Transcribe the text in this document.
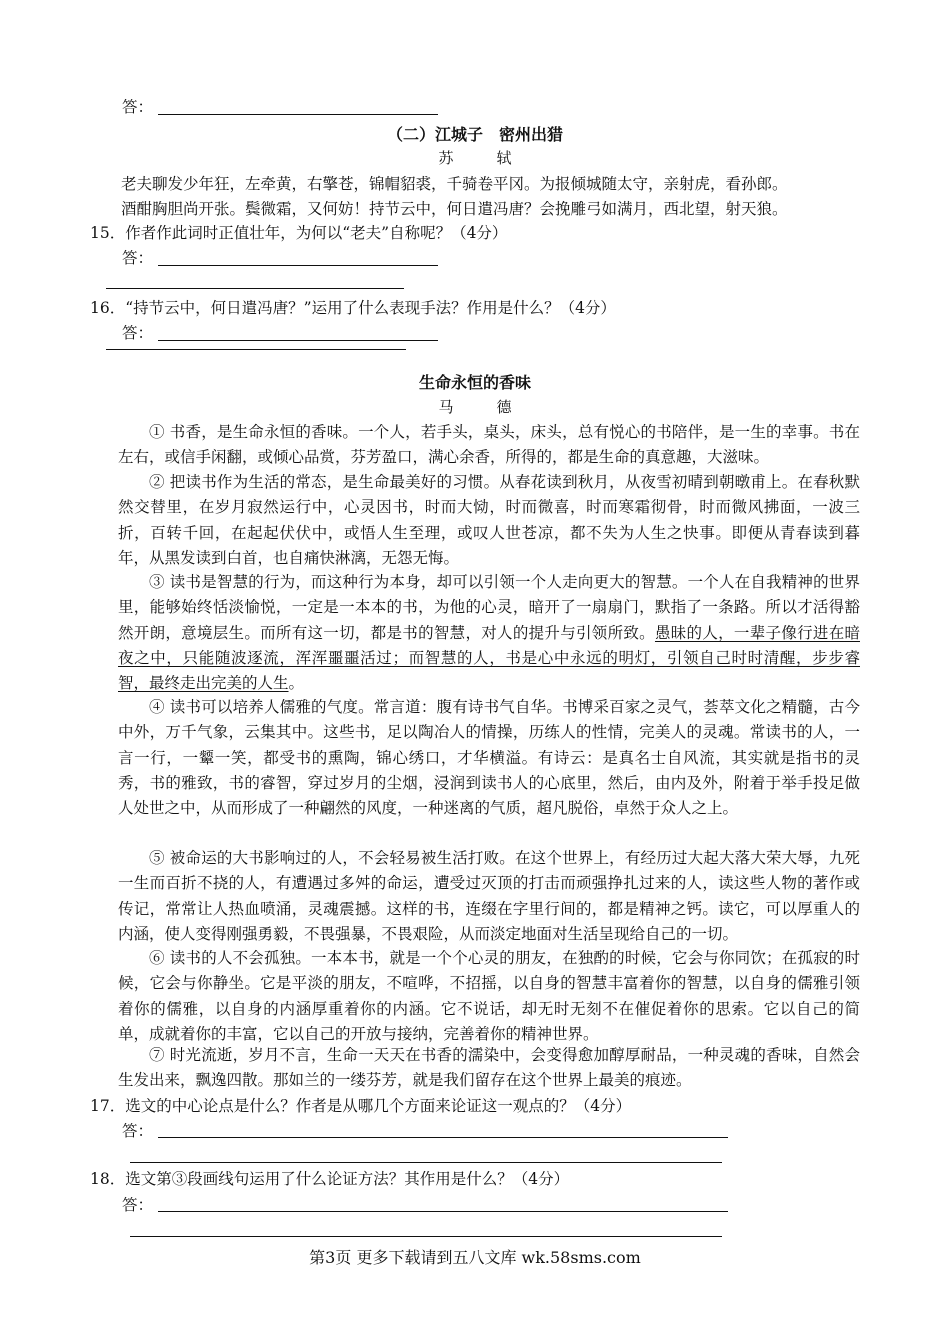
答：
（二）江城子　密州出猎
苏　轼
老夫聊发少年狂，左牵黄，右擎苍，锦帽貂裘，千骑卷平冈。为报倾城随太守，亲射虎，看孙郎。
酒酣胸胆尚开张。鬓微霜，又何妨！持节云中，何日遣冯唐？会挽雕弓如满月，西北望，射天狼。
15．作者作此词时正值壮年，为何以“老夫”自称呢？（4分）
答：
16．“持节云中，何日遣冯唐？”运用了什么表现手法？作用是什么？（4分）
答：
生命永恒的香味
马　德
① 书香，是生命永恒的香味。一个人，若手头，桌头，床头，总有悦心的书陪伴，是一生的幸事。书在左右，或信手闲翻，或倾心品赏，芬芳盈口，满心余香，所得的，都是生命的真意趣，大滋味。
② 把读书作为生活的常态，是生命最美好的习惯。从春花读到秋月，从夜雪初晴到朝暾甫上。在春秋默然交替里，在岁月寂然运行中，心灵因书，时而大恸，时而微喜，时而寒霜彻骨，时而微风拂面，一波三折，百转千回，在起起伏伏中，或悟人生至理，或叹人世苍凉，都不失为人生之快事。即便从青春读到暮年，从黑发读到白首，也自痛快淋漓，无怨无悔。
③ 读书是智慧的行为，而这种行为本身，却可以引领一个人走向更大的智慧。一个人在自我精神的世界里，能够始终恬淡愉悦，一定是一本本的书，为他的心灵，暗开了一扇扇门，默指了一条路。所以才活得豁然开朗，意境层生。而所有这一切，都是书的智慧，对人的提升与引领所致。愚昧的人，一辈子像行进在暗夜之中，只能随波逐流，浑浑噩噩活过；而智慧的人，书是心中永远的明灯，引领自己时时清醒，步步睿智，最终走出完美的人生。
④ 读书可以培养人儒雅的气度。常言道：腹有诗书气自华。书博采百家之灵气，荟萃文化之精髓，古今中外，万千气象，云集其中。这些书，足以陶冶人的情操，历练人的性情，完美人的灵魂。常读书的人，一言一行，一颦一笑，都受书的熏陶，锦心绣口，才华横溢。有诗云：是真名士自风流，其实就是指书的灵秀，书的雅致，书的睿智，穿过岁月的尘烟，浸润到读书人的心底里，然后，由内及外，附着于举手投足做人处世之中，从而形成了一种翩然的风度，一种迷离的气质，超凡脱俗，卓然于众人之上。
⑤ 被命运的大书影响过的人，不会轻易被生活打败。在这个世界上，有经历过大起大落大荣大辱，九死一生而百折不挠的人，有遭遇过多舛的命运，遭受过灭顶的打击而顽强挣扎过来的人，读这些人物的著作或传记，常常让人热血喷涌，灵魂震撼。这样的书，连缀在字里行间的，都是精神之钙。读它，可以厚重人的内涵，使人变得刚强勇毅，不畏强暴，不畏艰险，从而淡定地面对生活呈现给自己的一切。
⑥ 读书的人不会孤独。一本本书，就是一个个心灵的朋友，在独酌的时候，它会与你同饮；在孤寂的时候，它会与你静坐。它是平淡的朋友，不喧哗，不招摇，以自身的智慧丰富着你的智慧，以自身的儒雅引领着你的儒雅，以自身的内涵厚重着你的内涵。它不说话，却无时无刻不在催促着你的思索。它以自己的简单，成就着你的丰富，它以自己的开放与接纳，完善着你的精神世界。
⑦ 时光流逝，岁月不言，生命一天天在书香的濡染中，会变得愈加醇厚耐品，一种灵魂的香味，自然会生发出来，飘逸四散。那如兰的一缕芬芳，就是我们留存在这个世界上最美的痕迹。
17．选文的中心论点是什么？作者是从哪几个方面来论证这一观点的？（4分）
答：
18．选文第③段画线句运用了什么论证方法？其作用是什么？（4分）
答：
第3页 更多下载请到五八文库 wk.58sms.com
